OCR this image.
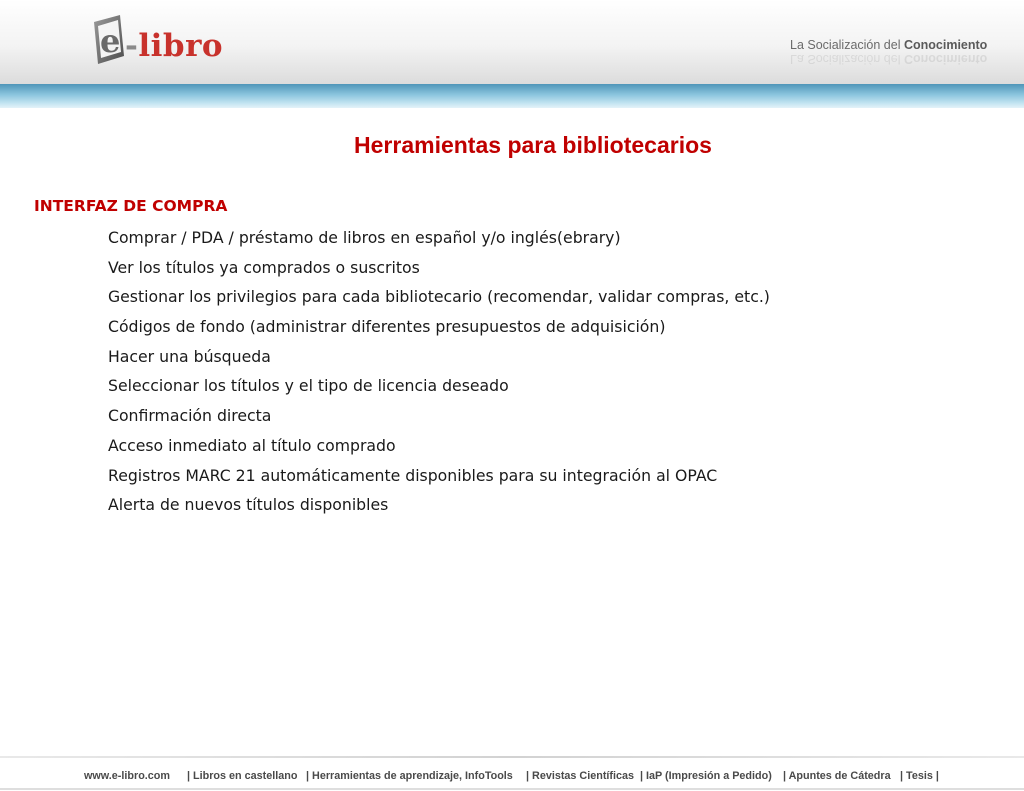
e - libro	La Socialización del Conocimiento
La Socialización del Conocimiento
Herramientas para bibliotecarios
INTERFAZ DE COMPRA
Comprar / PDA / préstamo de libros en español y/o inglés(ebrary)
Ver los títulos ya comprados o suscritos
Gestionar los privilegios para cada bibliotecario (recomendar, validar compras, etc.)
Códigos de fondo (administrar diferentes presupuestos de adquisición)
Hacer una búsqueda
Seleccionar los títulos y el tipo de licencia deseado
Confirmación directa
Acceso inmediato al título comprado
Registros MARC 21 automáticamente disponibles para su integración al OPAC
Alerta de nuevos títulos disponibles
www.e-libro.com | Libros en castellano | Herramientas de aprendizaje, InfoTools | Revistas Científicas | IaP (Impresión a Pedido) | Apuntes de Cátedra | Tesis |
